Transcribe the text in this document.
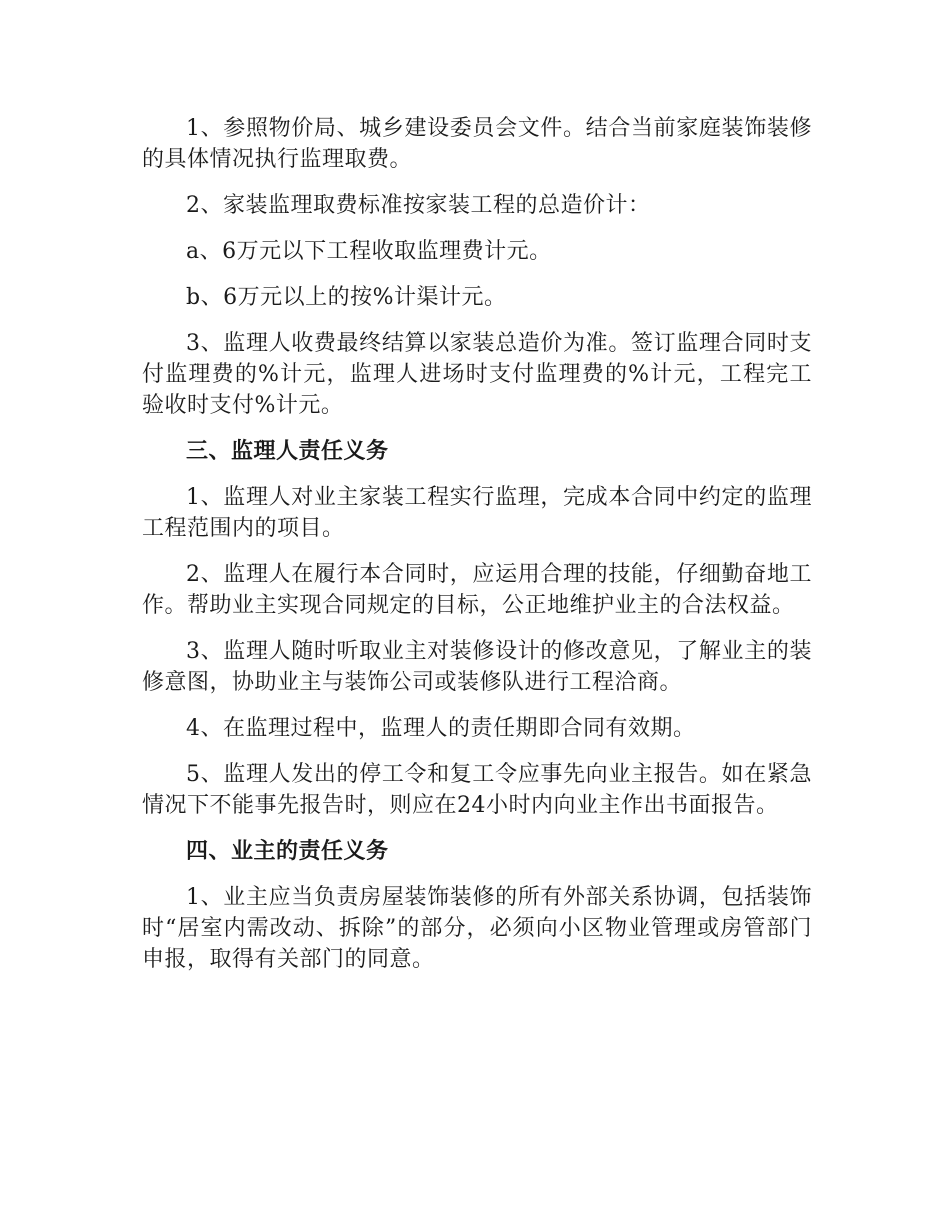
1、参照物价局、城乡建设委员会文件。结合当前家庭装饰装修的具体情况执行监理取费。

2、家装监理取费标准按家装工程的总造价计：

a、6万元以下工程收取监理费计元。

b、6万元以上的按%计渠计元。

3、监理人收费最终结算以家装总造价为准。签订监理合同时支付监理费的%计元，监理人进场时支付监理费的%计元，工程完工验收时支付%计元。

三、监理人责任义务

1、监理人对业主家装工程实行监理，完成本合同中约定的监理工程范围内的项目。

2、监理人在履行本合同时，应运用合理的技能，仔细勤奋地工作。帮助业主实现合同规定的目标，公正地维护业主的合法权益。

3、监理人随时听取业主对装修设计的修改意见，了解业主的装修意图，协助业主与装饰公司或装修队进行工程洽商。

4、在监理过程中，监理人的责任期即合同有效期。

5、监理人发出的停工令和复工令应事先向业主报告。如在紧急情况下不能事先报告时，则应在24小时内向业主作出书面报告。

四、业主的责任义务

1、业主应当负责房屋装饰装修的所有外部关系协调，包括装饰时“居室内需改动、拆除”的部分，必须向小区物业管理或房管部门申报，取得有关部门的同意。
